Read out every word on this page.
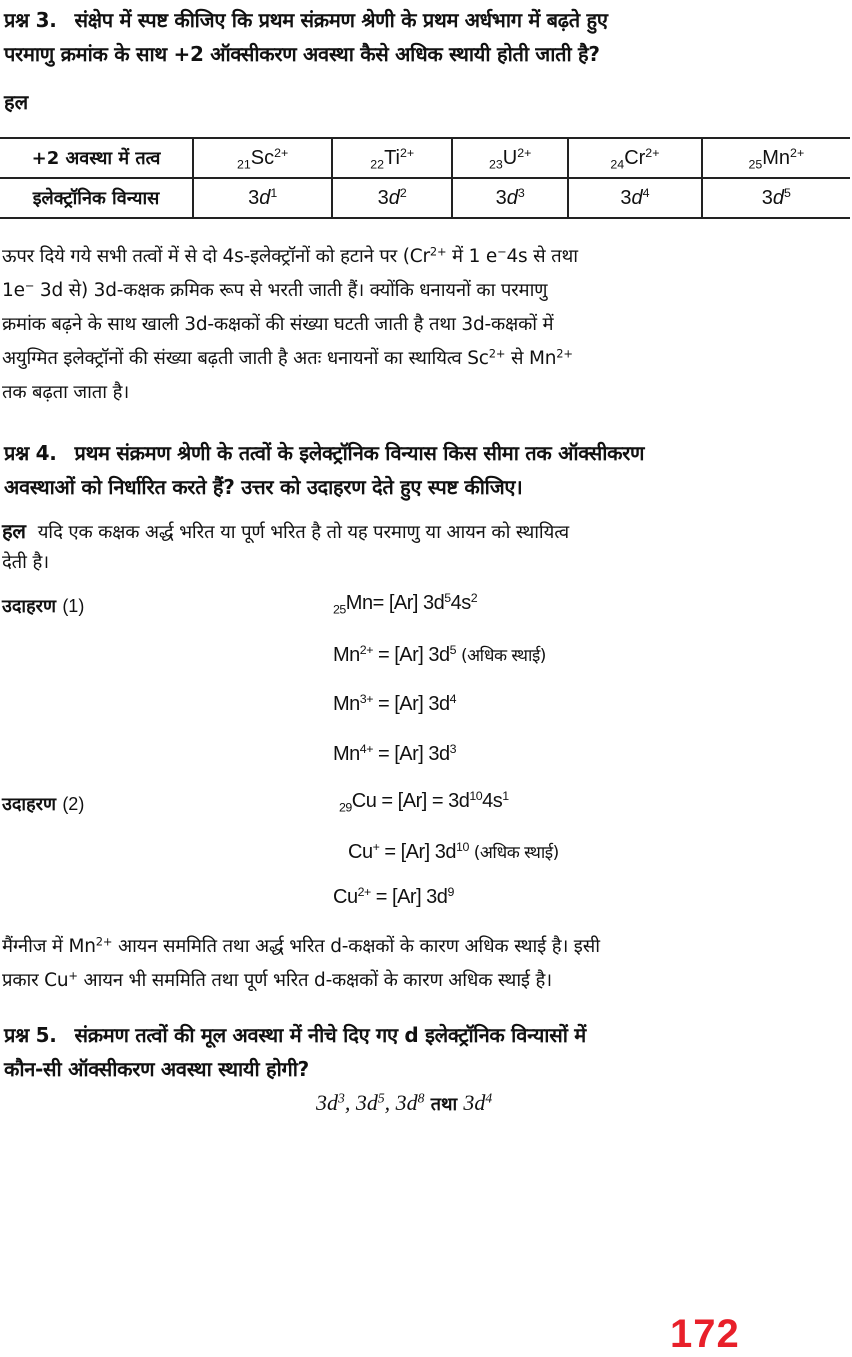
प्रश्न 3. संक्षेप में स्पष्ट कीजिए कि प्रथम संक्रमण श्रेणी के प्रथम अर्धभाग में बढ़ते हुए
परमाणु क्रमांक के साथ +2 ऑक्सीकरण अवस्था कैसे अधिक स्थायी होती जाती है?
हल
+2 अवस्था में तत्व	$_{21}Sc^{2+}$	$_{22}Ti^{2+}$	$_{23}U^{2+}$	$_{24}Cr^{2+}$	$_{25}Mn^{2+}$
इलेक्ट्रॉनिक विन्यास	$3d^1$	$3d^2$	$3d^3$	$3d^4$	$3d^5$
ऊपर दिये गये सभी तत्वों में से दो 4s-इलेक्ट्रॉनों को हटाने पर ($Cr^{2+}$ में 1 e−4s से तथा
1e− 3d से) 3d-कक्षक क्रमिक रूप से भरती जाती हैं। क्योंकि धनायनों का परमाणु
क्रमांक बढ़ने के साथ खाली 3d-कक्षकों की संख्या घटती जाती है तथा 3d-कक्षकों में
अयुग्मित इलेक्ट्रॉनों की संख्या बढ़ती जाती है अतः धनायनों का स्थायित्व $Sc^{2+}$ से $Mn^{2+}$
तक बढ़ता जाता है।
प्रश्न 4. प्रथम संक्रमण श्रेणी के तत्वों के इलेक्ट्रॉनिक विन्यास किस सीमा तक ऑक्सीकरण
अवस्थाओं को निर्धारित करते हैं? उत्तर को उदाहरण देते हुए स्पष्ट कीजिए।
हल यदि एक कक्षक अर्द्ध भरित या पूर्ण भरित है तो यह परमाणु या आयन को स्थायित्व
देती है।
उदाहरण (1)	$_{25}$Mn= [Ar] $3d^54s^2$
$Mn^{2+} = [Ar]$ $3d^5$ (अधिक स्थाई)
$Mn^{3+} = [Ar]$ $3d^4$
$Mn^{4+} = [Ar]$ $3d^3$
उदाहरण (2)	$_{29}Cu = [Ar] = 3d^{10}4s^1$
Cu+ = [Ar] $3d^{10}$ (अधिक स्थाई)
$Cu^{2+} = [Ar]$ $3d^9$
मैंग्नीज में $Mn^{2+}$ आयन सममिति तथा अर्द्ध भरित d-कक्षकों के कारण अधिक स्थाई है। इसी
प्रकार Cu+ आयन भी सममिति तथा पूर्ण भरित d-कक्षकों के कारण अधिक स्थाई है।
प्रश्न 5. संक्रमण तत्वों की मूल अवस्था में नीचे दिए गए d इलेक्ट्रॉनिक विन्यासों में
कौन-सी ऑक्सीकरण अवस्था स्थायी होगी?
$3d^3$, $3d^5$, $3d^8$ तथा $3d^4$
172
